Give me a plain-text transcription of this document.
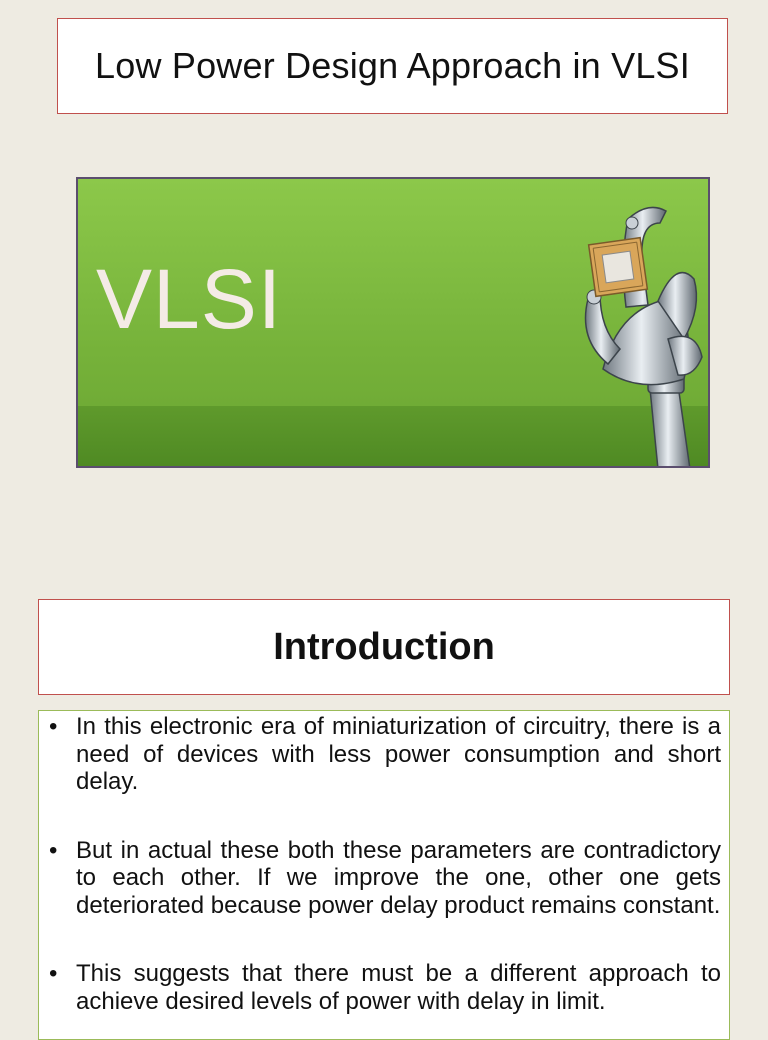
Low Power Design Approach in VLSI
VLSI
Introduction
• In this electronic era of miniaturization of circuitry, there is a need of devices with less power consumption and short delay.
• But in actual these both these parameters are contradictory to each other. If we improve the one, other one gets deteriorated because power delay product remains constant.
• This suggests that there must be a different approach to achieve desired levels of power with delay in limit.
